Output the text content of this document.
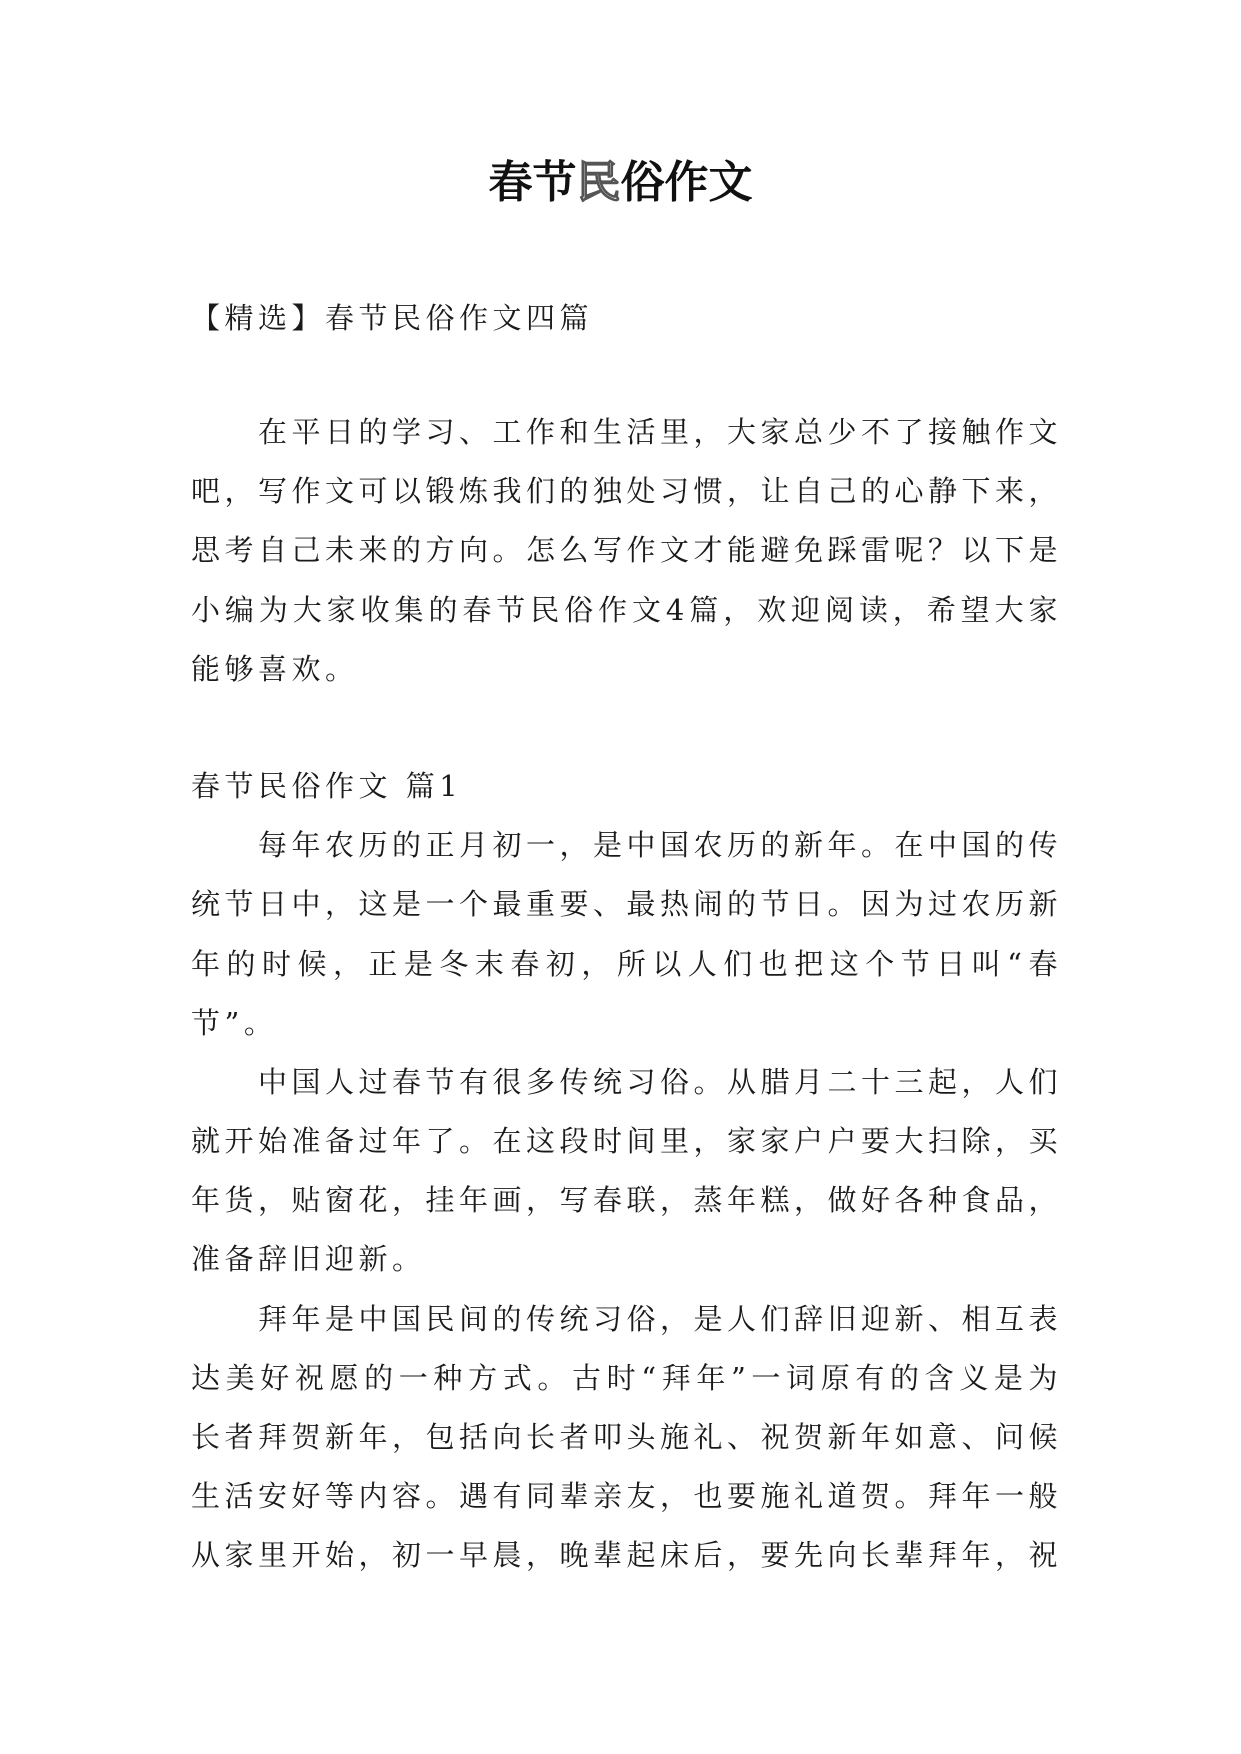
春节民俗作文
【精选】春节民俗作文四篇
在平日的学习、工作和生活里，大家总少不了接触作文
吧，写作文可以锻炼我们的独处习惯，让自己的心静下来，
思考自己未来的方向。怎么写作文才能避免踩雷呢？以下是
小编为大家收集的春节民俗作文4篇，欢迎阅读，希望大家
能够喜欢。
春节民俗作文 篇1
每年农历的正月初一，是中国农历的新年。在中国的传
统节日中，这是一个最重要、最热闹的节日。因为过农历新
年的时候，正是冬末春初，所以人们也把这个节日叫“春
节”。
中国人过春节有很多传统习俗。从腊月二十三起，人们
就开始准备过年了。在这段时间里，家家户户要大扫除，买
年货，贴窗花，挂年画，写春联，蒸年糕，做好各种食品，
准备辞旧迎新。
拜年是中国民间的传统习俗，是人们辞旧迎新、相互表
达美好祝愿的一种方式。古时“拜年”一词原有的含义是为
长者拜贺新年，包括向长者叩头施礼、祝贺新年如意、问候
生活安好等内容。遇有同辈亲友，也要施礼道贺。拜年一般
从家里开始，初一早晨，晚辈起床后，要先向长辈拜年，祝
